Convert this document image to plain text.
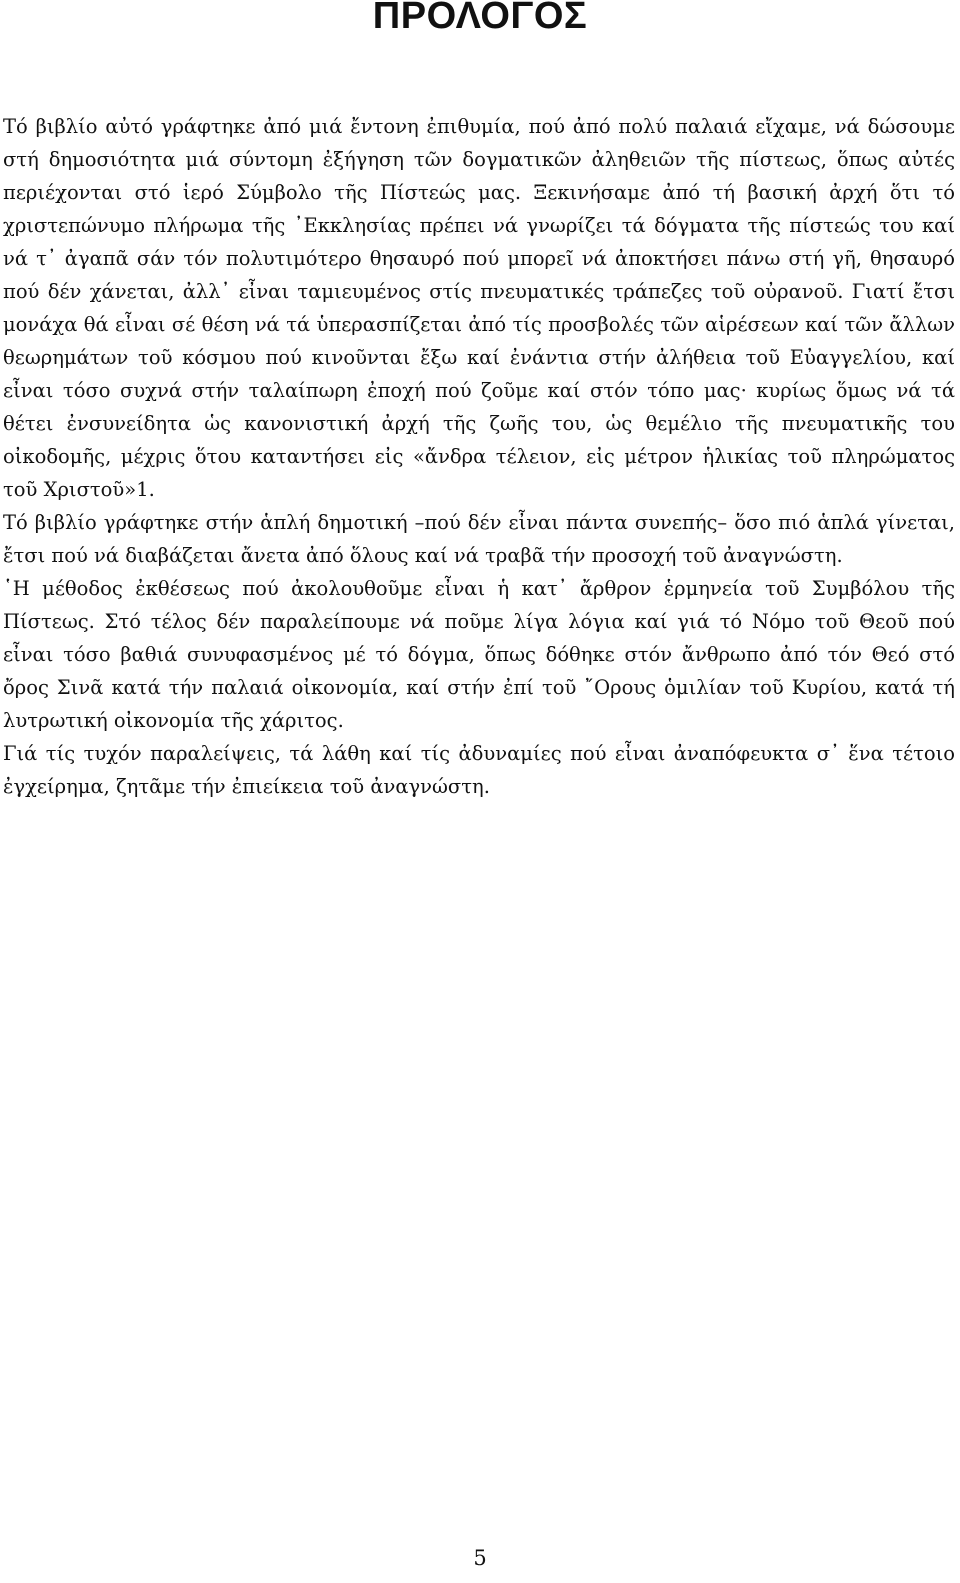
ΠΡΟΛΟΓΟΣ

Τό βιβλίο αὐτό γράφτηκε ἀπό μιά ἔντονη ἐπιθυμία, πού ἀπό πολύ παλαιά εἴχαμε, νά δώσουμε στή δημοσιότητα μιά σύντομη ἐξήγηση τῶν δογματικῶν ἀληθειῶν τῆς πίστεως, ὅπως αὐτές περιέχονται στό ἱερό Σύμβολο τῆς Πίστεώς μας. Ξεκινήσαμε ἀπό τή βασική ἀρχή ὅτι τό χριστεπώνυμο πλήρωμα τῆς ᾿Εκκλησίας πρέπει νά γνωρίζει τά δόγματα τῆς πίστεώς του καί νά τ᾿ ἀγαπᾶ σάν τόν πολυτιμότερο θησαυρό πού μπορεῖ νά ἀποκτήσει πάνω στή γῆ, θησαυρό πού δέν χάνεται, ἀλλ᾿ εἶναι ταμιευμένος στίς πνευματικές τράπεζες τοῦ οὐρανοῦ. Γιατί ἔτσι μονάχα θά εἶναι σέ θέση νά τά ὑπερασπίζεται ἀπό τίς προσβολές τῶν αἱρέσεων καί τῶν ἄλλων θεωρημάτων τοῦ κόσμου πού κινοῦνται ἔξω καί ἐνάντια στήν ἀλήθεια τοῦ Εὐαγγελίου, καί εἶναι τόσο συχνά στήν ταλαίπωρη ἐποχή πού ζοῦμε καί στόν τόπο μας· κυρίως ὅμως νά τά θέτει ἐνσυνείδητα ὡς κανονιστική ἀρχή τῆς ζωῆς του, ὡς θεμέλιο τῆς πνευματικῆς του οἰκοδομῆς, μέχρις ὅτου καταντήσει εἰς «ἄνδρα τέλειον, εἰς μέτρον ἡλικίας τοῦ πληρώματος τοῦ Χριστοῦ»1.

Τό βιβλίο γράφτηκε στήν ἁπλή δημοτική –πού δέν εἶναι πάντα συνεπής– ὅσο πιό ἁπλά γίνεται, ἔτσι πού νά διαβάζεται ἄνετα ἀπό ὅλους καί νά τραβᾶ τήν προσοχή τοῦ ἀναγνώστη.

῾Η μέθοδος ἐκθέσεως πού ἀκολουθοῦμε εἶναι ἡ κατ᾿ ἄρθρον ἑρμηνεία τοῦ Συμβόλου τῆς Πίστεως. Στό τέλος δέν παραλείπουμε νά ποῦμε λίγα λόγια καί γιά τό Νόμο τοῦ Θεοῦ πού εἶναι τόσο βαθιά συνυφασμένος μέ τό δόγμα, ὅπως δόθηκε στόν ἄνθρωπο ἀπό τόν Θεό στό ὄρος Σινᾶ κατά τήν παλαιά οἰκονομία, καί στήν ἐπί τοῦ ῎Ορους ὁμιλίαν τοῦ Κυρίου, κατά τή λυτρωτική οἰκονομία τῆς χάριτος.

Γιά τίς τυχόν παραλείψεις, τά λάθη καί τίς ἀδυναμίες πού εἶναι ἀναπόφευκτα σ᾿ ἕνα τέτοιο ἐγχείρημα, ζητᾶμε τήν ἐπιείκεια τοῦ ἀναγνώστη.

5
